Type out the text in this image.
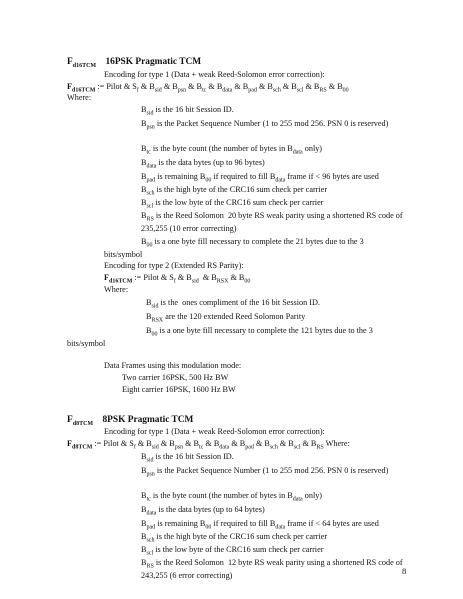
$F_{d16TCM}$ 16PSK Pragmatic TCM
Encoding for type 1 (Data + weak Reed-Solomon error correction):
$F_{d16TCM}$ := Pilot & $S_f$ & $B_{sid}$ & $B_{psn}$ & $B_{tc}$ & $B_{data}$ & $B_{pad}$ & $B_{sch}$ & $B_{scl}$ & $B_{RS}$ & $B_{00}$
Where:
$B_{sid}$ is the 16 bit Session ID.
$B_{psn}$ is the Packet Sequence Number (1 to 255 mod 256. PSN 0 is reserved)
$B_{tc}$ is the byte count (the number of bytes in $B_{data}$ only)
$B_{data}$ is the data bytes (up to 96 bytes)
$B_{pad}$ is remaining $B_{00}$ if required to fill $B_{data}$ frame if < 96 bytes are used
$B_{sch}$ is the high byte of the CRC16 sum check per carrier
$B_{scl}$ is the low byte of the CRC16 sum check per carrier
$B_{RS}$ is the Reed Solomon  20 byte RS weak parity using a shortened RS code of 235,255 (10 error correcting)
$B_{00}$ is a one byte fill necessary to complete the 21 bytes due to the 3
bits/symbol
Encoding for type 2 (Extended RS Parity):
$F_{d16TCM}$ := Pilot & $S_f$ & $B_{sid}$  & $B_{RSX}$ & $B_{00}$
Where:
$B_{sid}$ is the  ones compliment of the 16 bit Session ID.
$B_{RSX}$ are the 120 extended Reed Solomon Parity
$B_{00}$ is a one byte fill necessary to complete the 121 bytes due to the 3
bits/symbol
Data Frames using this modulation mode:
Two carrier 16PSK, 500 Hz BW
Eight carrier 16PSK, 1600 Hz BW
$F_{d8TCM}$ 8PSK Pragmatic TCM
Encoding for type 1 (Data + weak Reed-Solomon error correction):
$F_{d8TCM}$ := Pilot & $S_f$ & $B_{sid}$ & $B_{psn}$ & $B_{tc}$ & $B_{data}$ & $B_{pad}$ & $B_{sch}$ & $B_{scl}$ & $B_{RS}$ Where:
$B_{sid}$ is the 16 bit Session ID.
$B_{psn}$ is the Packet Sequence Number (1 to 255 mod 256. PSN 0 is reserved)
$B_{tc}$ is the byte count (the number of bytes in $B_{data}$ only)
$B_{data}$ is the data bytes (up to 64 bytes)
$B_{pad}$ is remaining $B_{00}$ if required to fill $B_{data}$ frame if < 64 bytes are used
$B_{sch}$ is the high byte of the CRC16 sum check per carrier
$B_{scl}$ is the low byte of the CRC16 sum check per carrier
$B_{RS}$ is the Reed Solomon  12 byte RS weak parity using a shortened RS code of 243,255 (6 error correcting)	8
